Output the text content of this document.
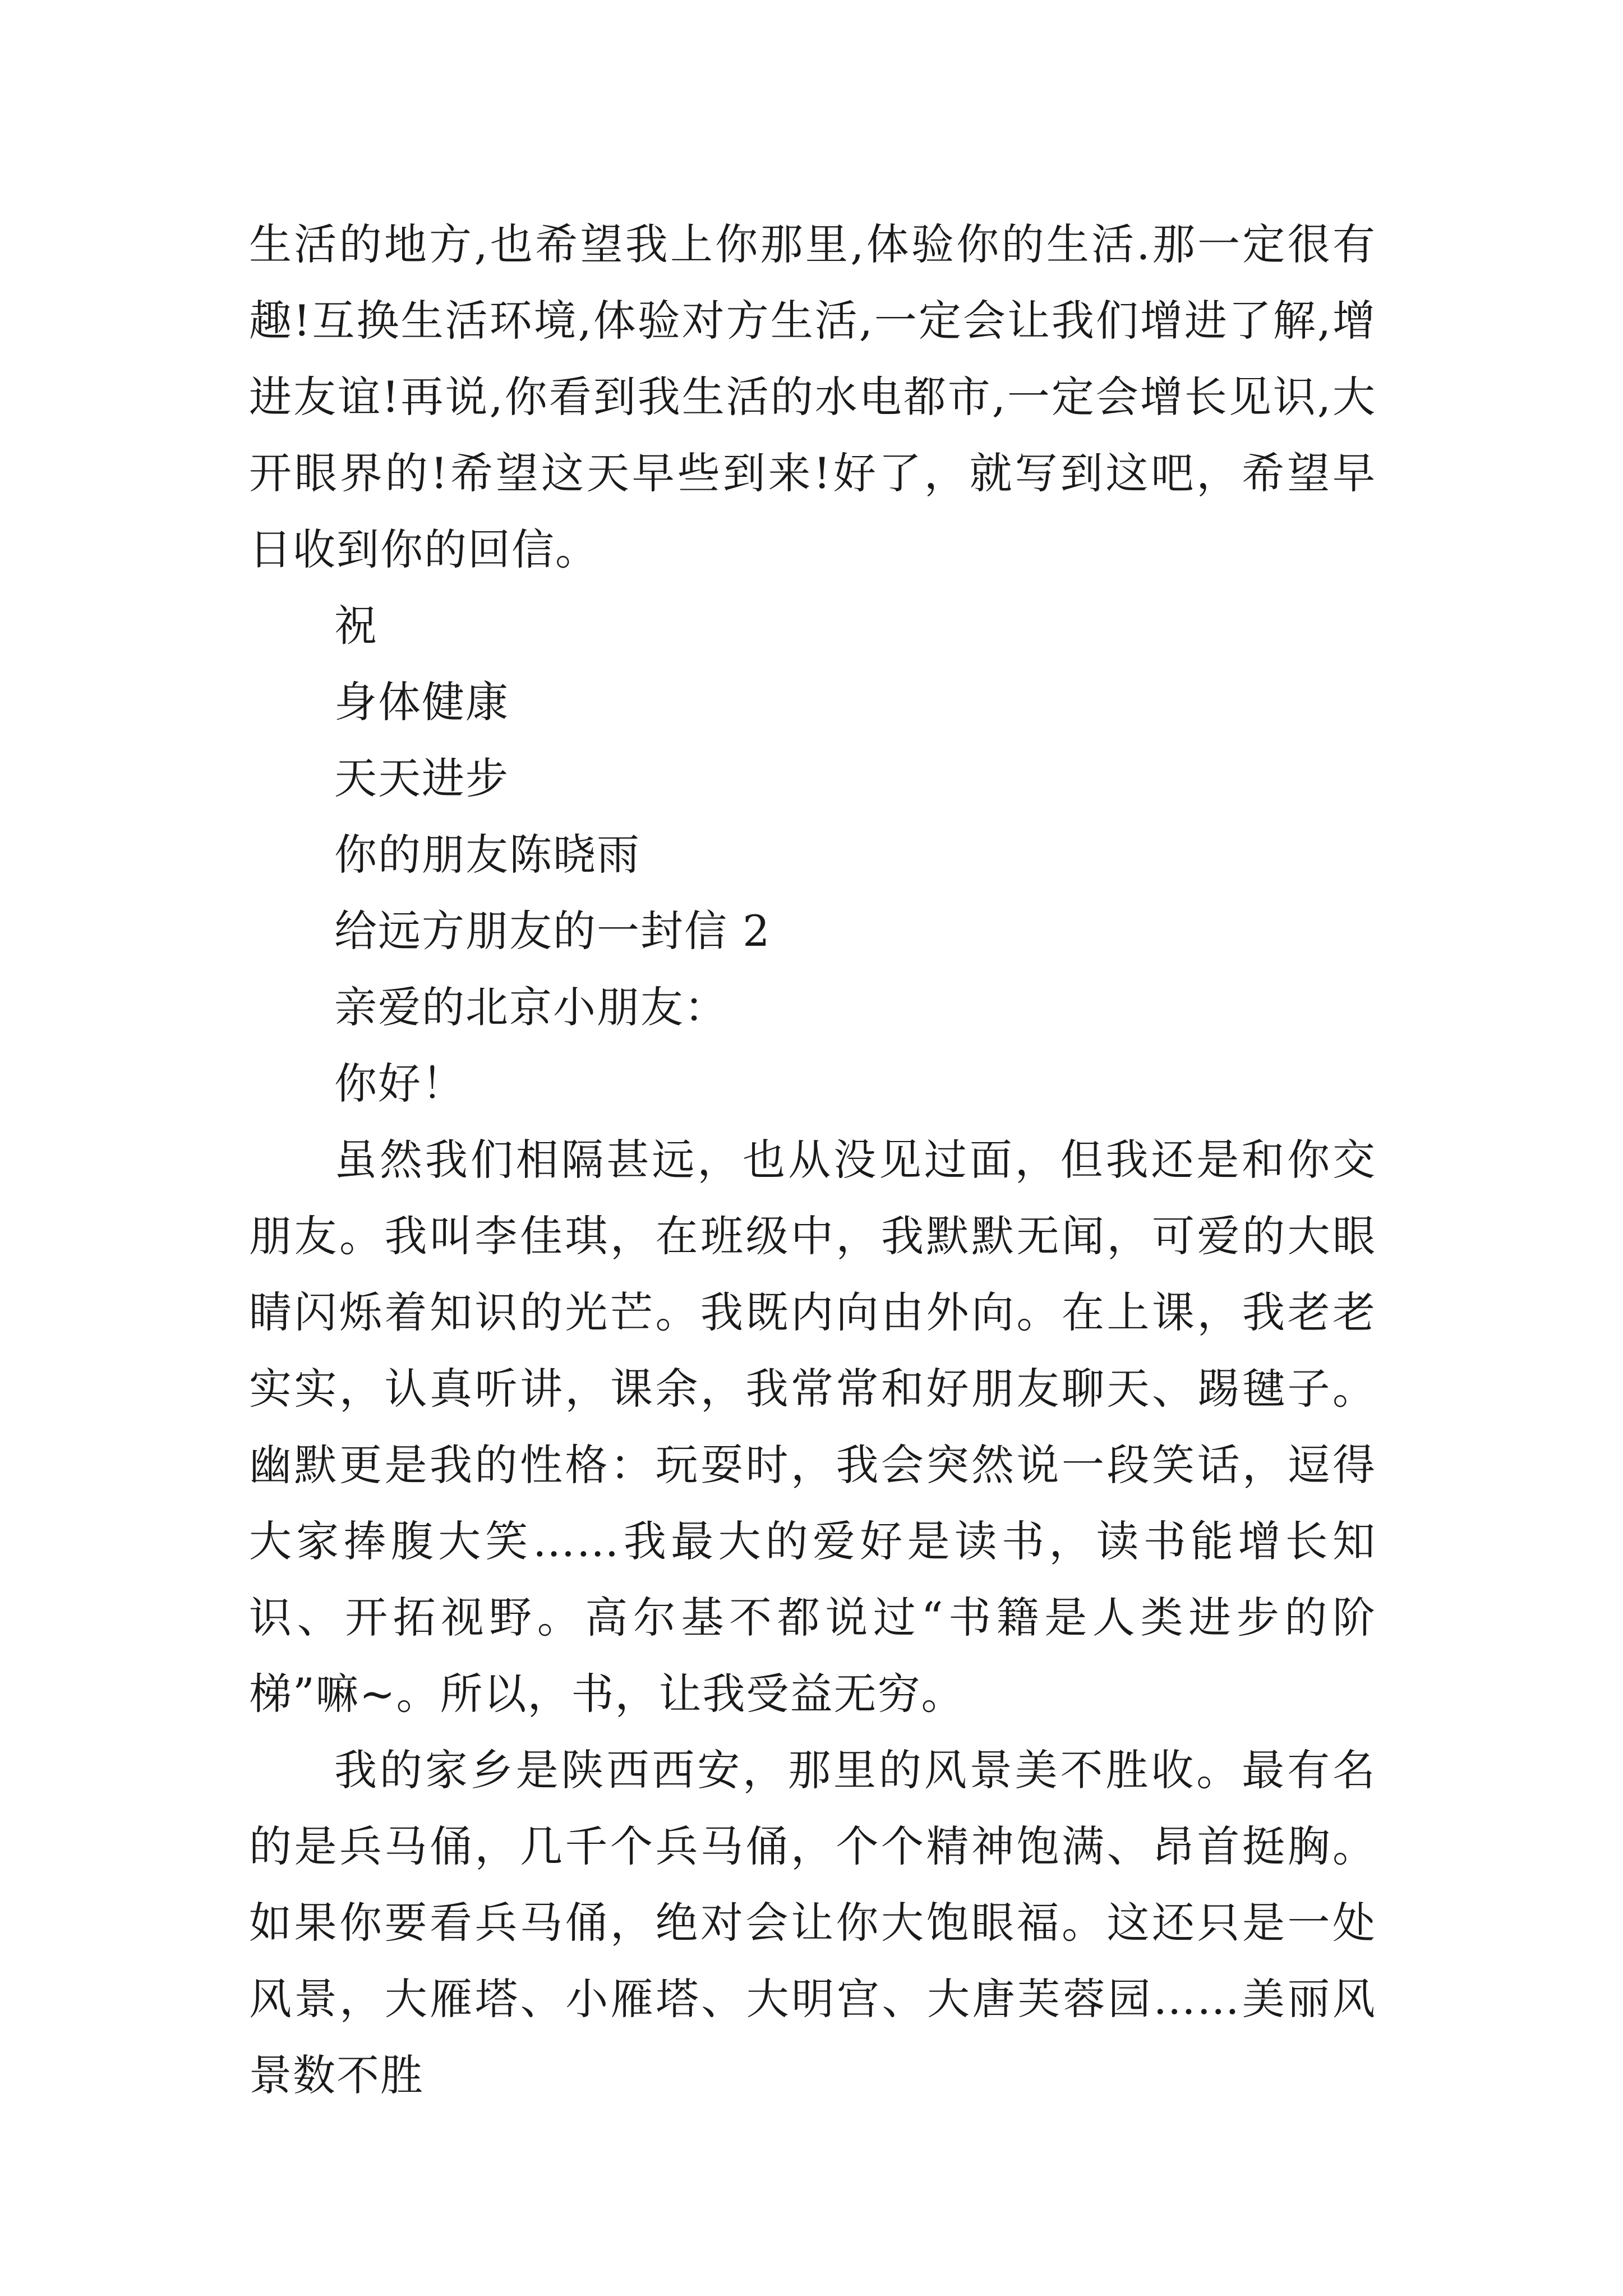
生活的地方,也希望我上你那里,体验你的生活.那一定很有趣!互换生活环境,体验对方生活,一定会让我们增进了解,增进友谊!再说,你看到我生活的水电都市,一定会增长见识,大开眼界的!希望这天早些到来!好了，就写到这吧，希望早日收到你的回信。

祝

身体健康

天天进步

你的朋友陈晓雨

给远方朋友的一封信 2

亲爱的北京小朋友：

你好！

虽然我们相隔甚远，也从没见过面，但我还是和你交朋友。我叫李佳琪，在班级中，我默默无闻，可爱的大眼睛闪烁着知识的光芒。我既内向由外向。在上课，我老老实实，认真听讲，课余，我常常和好朋友聊天、踢毽子。幽默更是我的性格：玩耍时，我会突然说一段笑话，逗得大家捧腹大笑……我最大的爱好是读书，读书能增长知识、开拓视野。高尔基不都说过“书籍是人类进步的阶梯”嘛~。所以，书，让我受益无穷。

我的家乡是陕西西安，那里的风景美不胜收。最有名的是兵马俑，几千个兵马俑，个个精神饱满、昂首挺胸。如果你要看兵马俑，绝对会让你大饱眼福。这还只是一处风景，大雁塔、小雁塔、大明宫、大唐芙蓉园……美丽风景数不胜
